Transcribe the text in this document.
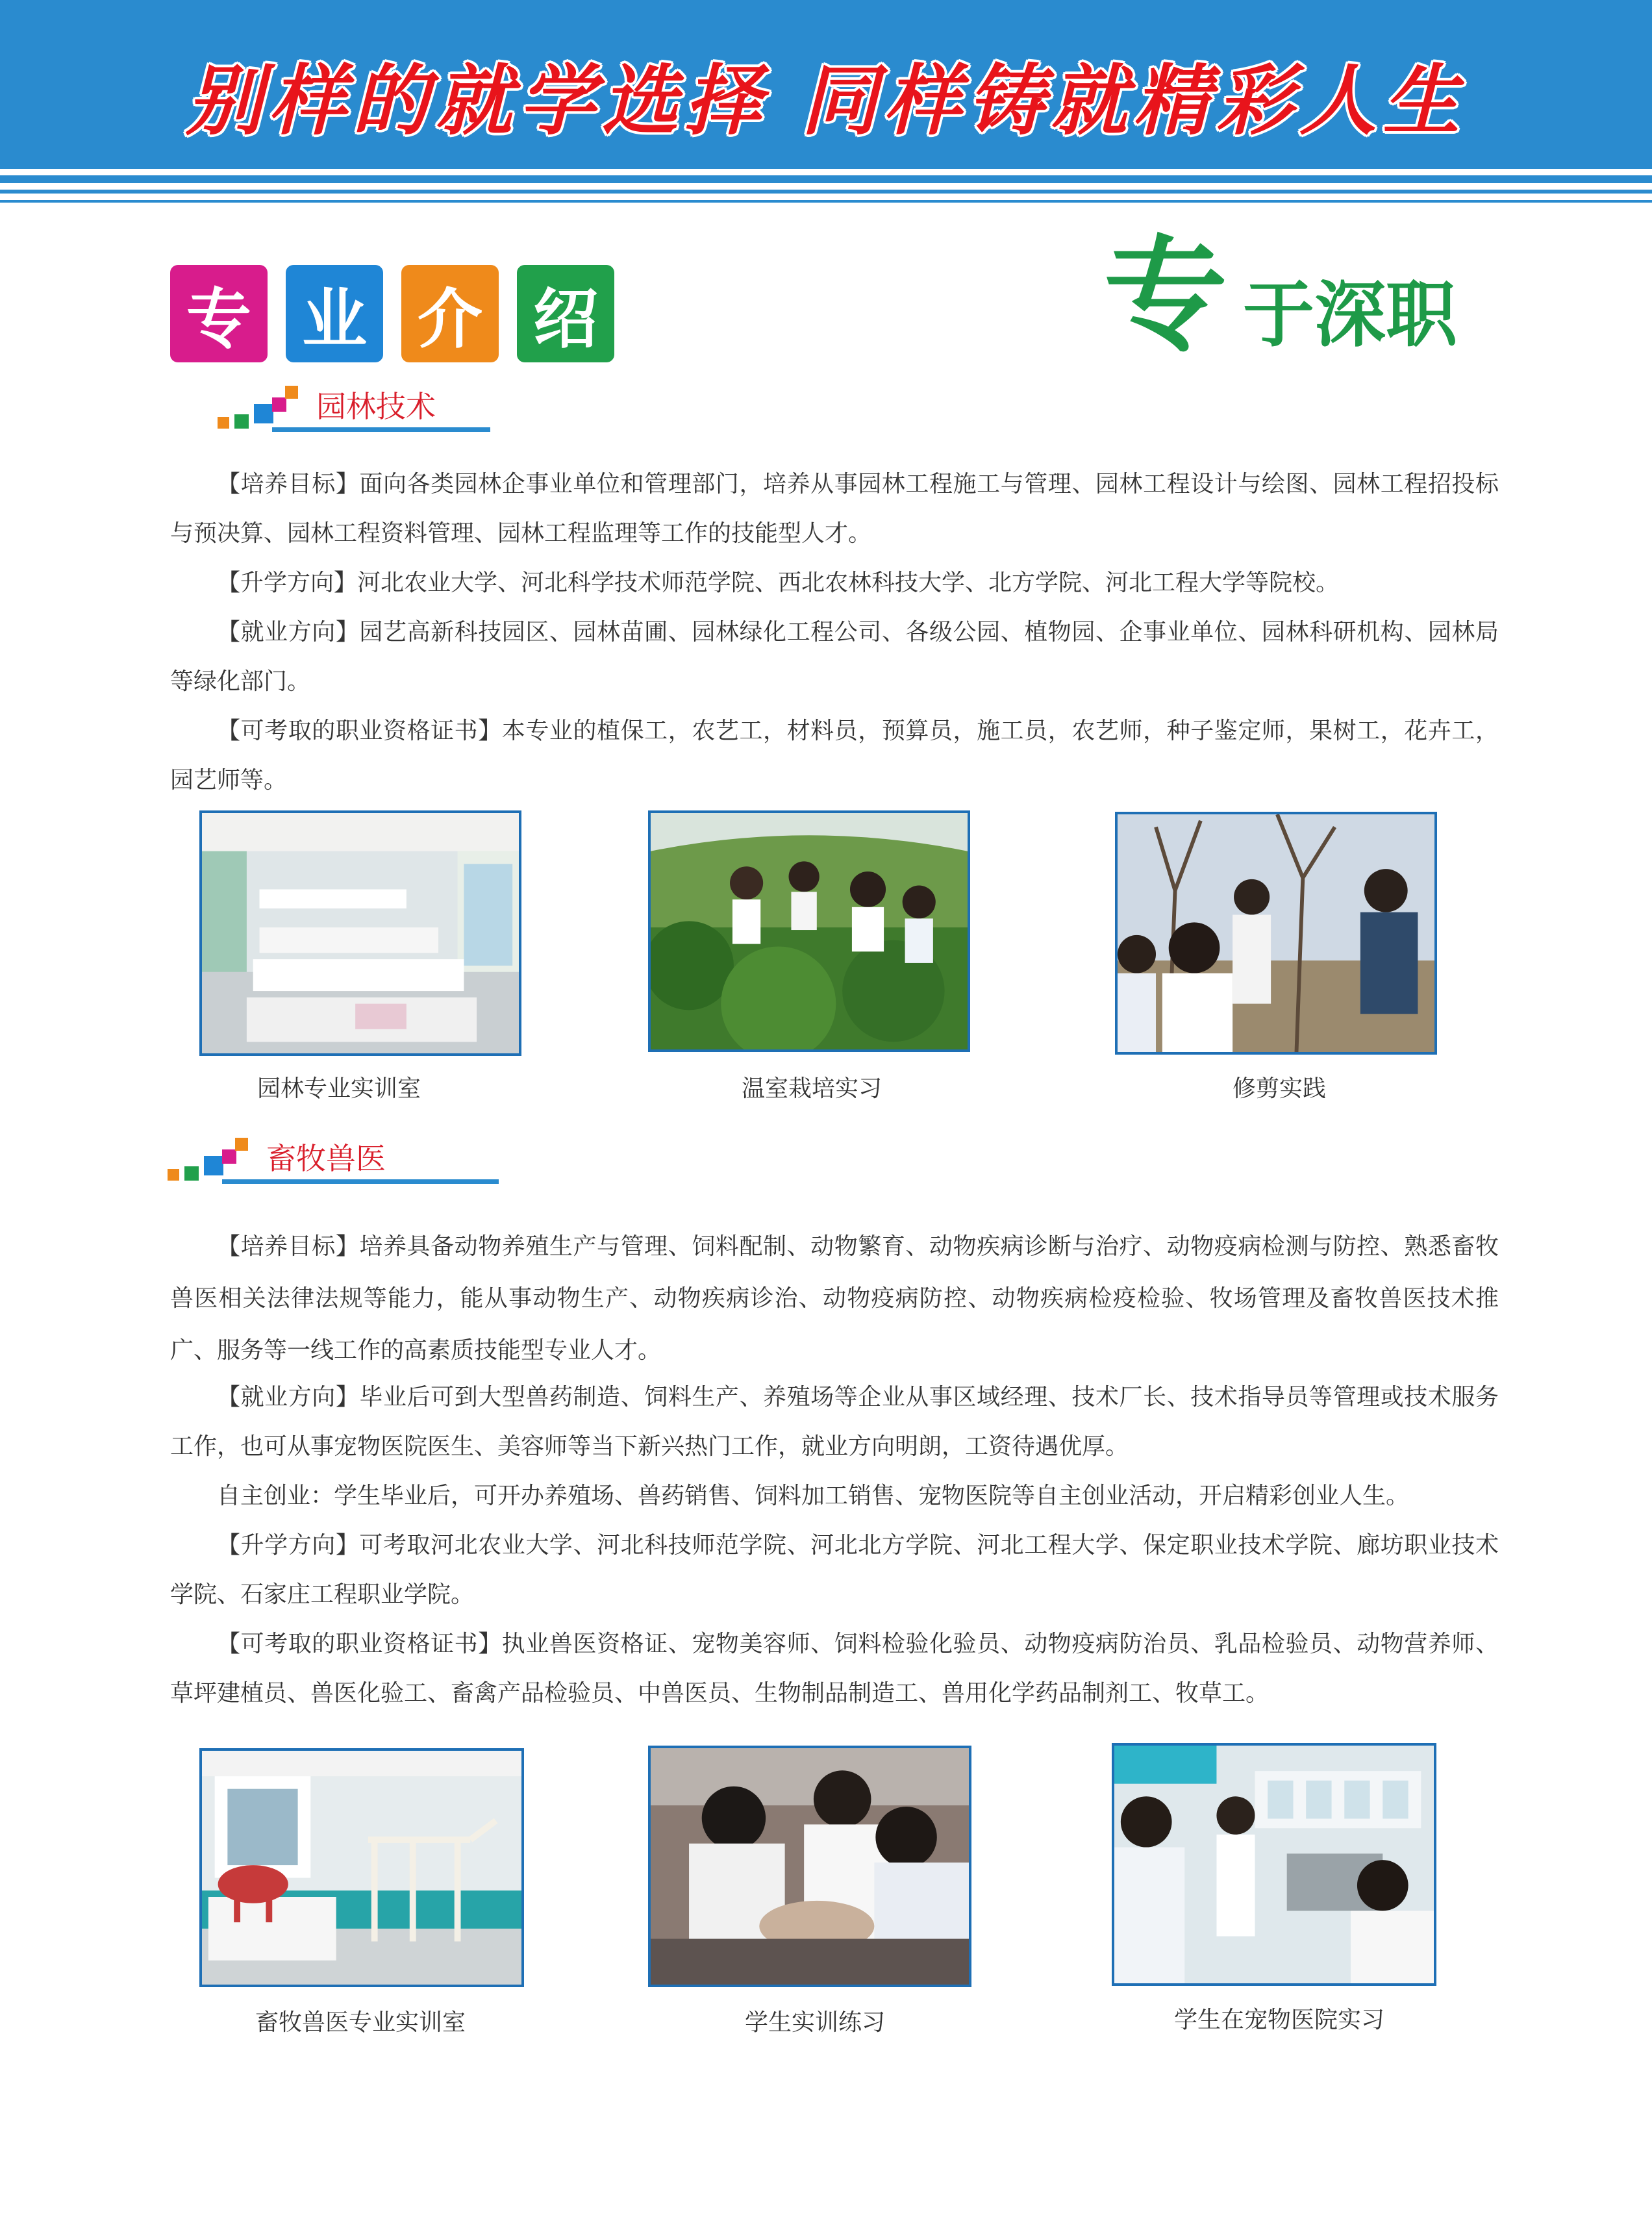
别样的就学选择 同样铸就精彩人生
专 业 介 绍	专 于深职
园林技术

【培养目标】面向各类园林企事业单位和管理部门，培养从事园林工程施工与管理、园林工程设计与绘图、园林工程招投标与预决算、园林工程资料管理、园林工程监理等工作的技能型人才。

【升学方向】河北农业大学、河北科学技术师范学院、西北农林科技大学、北方学院、河北工程大学等院校。

【就业方向】园艺高新科技园区、园林苗圃、园林绿化工程公司、各级公园、植物园、企事业单位、园林科研机构、园林局等绿化部门。

【可考取的职业资格证书】本专业的植保工，农艺工，材料员，预算员，施工员，农艺师，种子鉴定师，果树工，花卉工，园艺师等。

园林专业实训室	温室栽培实习	修剪实践
畜牧兽医

【培养目标】培养具备动物养殖生产与管理、饲料配制、动物繁育、动物疾病诊断与治疗、动物疫病检测与防控、熟悉畜牧兽医相关法律法规等能力，能从事动物生产、动物疾病诊治、动物疫病防控、动物疾病检疫检验、牧场管理及畜牧兽医技术推广、服务等一线工作的高素质技能型专业人才。

【就业方向】毕业后可到大型兽药制造、饲料生产、养殖场等企业从事区域经理、技术厂长、技术指导员等管理或技术服务工作，也可从事宠物医院医生、美容师等当下新兴热门工作，就业方向明朗，工资待遇优厚。

自主创业：学生毕业后，可开办养殖场、兽药销售、饲料加工销售、宠物医院等自主创业活动，开启精彩创业人生。

【升学方向】可考取河北农业大学、河北科技师范学院、河北北方学院、河北工程大学、保定职业技术学院、廊坊职业技术学院、石家庄工程职业学院。

【可考取的职业资格证书】执业兽医资格证、宠物美容师、饲料检验化验员、动物疫病防治员、乳品检验员、动物营养师、草坪建植员、兽医化验工、畜禽产品检验员、中兽医员、生物制品制造工、兽用化学药品制剂工、牧草工。

畜牧兽医专业实训室	学生实训练习	学生在宠物医院实习
